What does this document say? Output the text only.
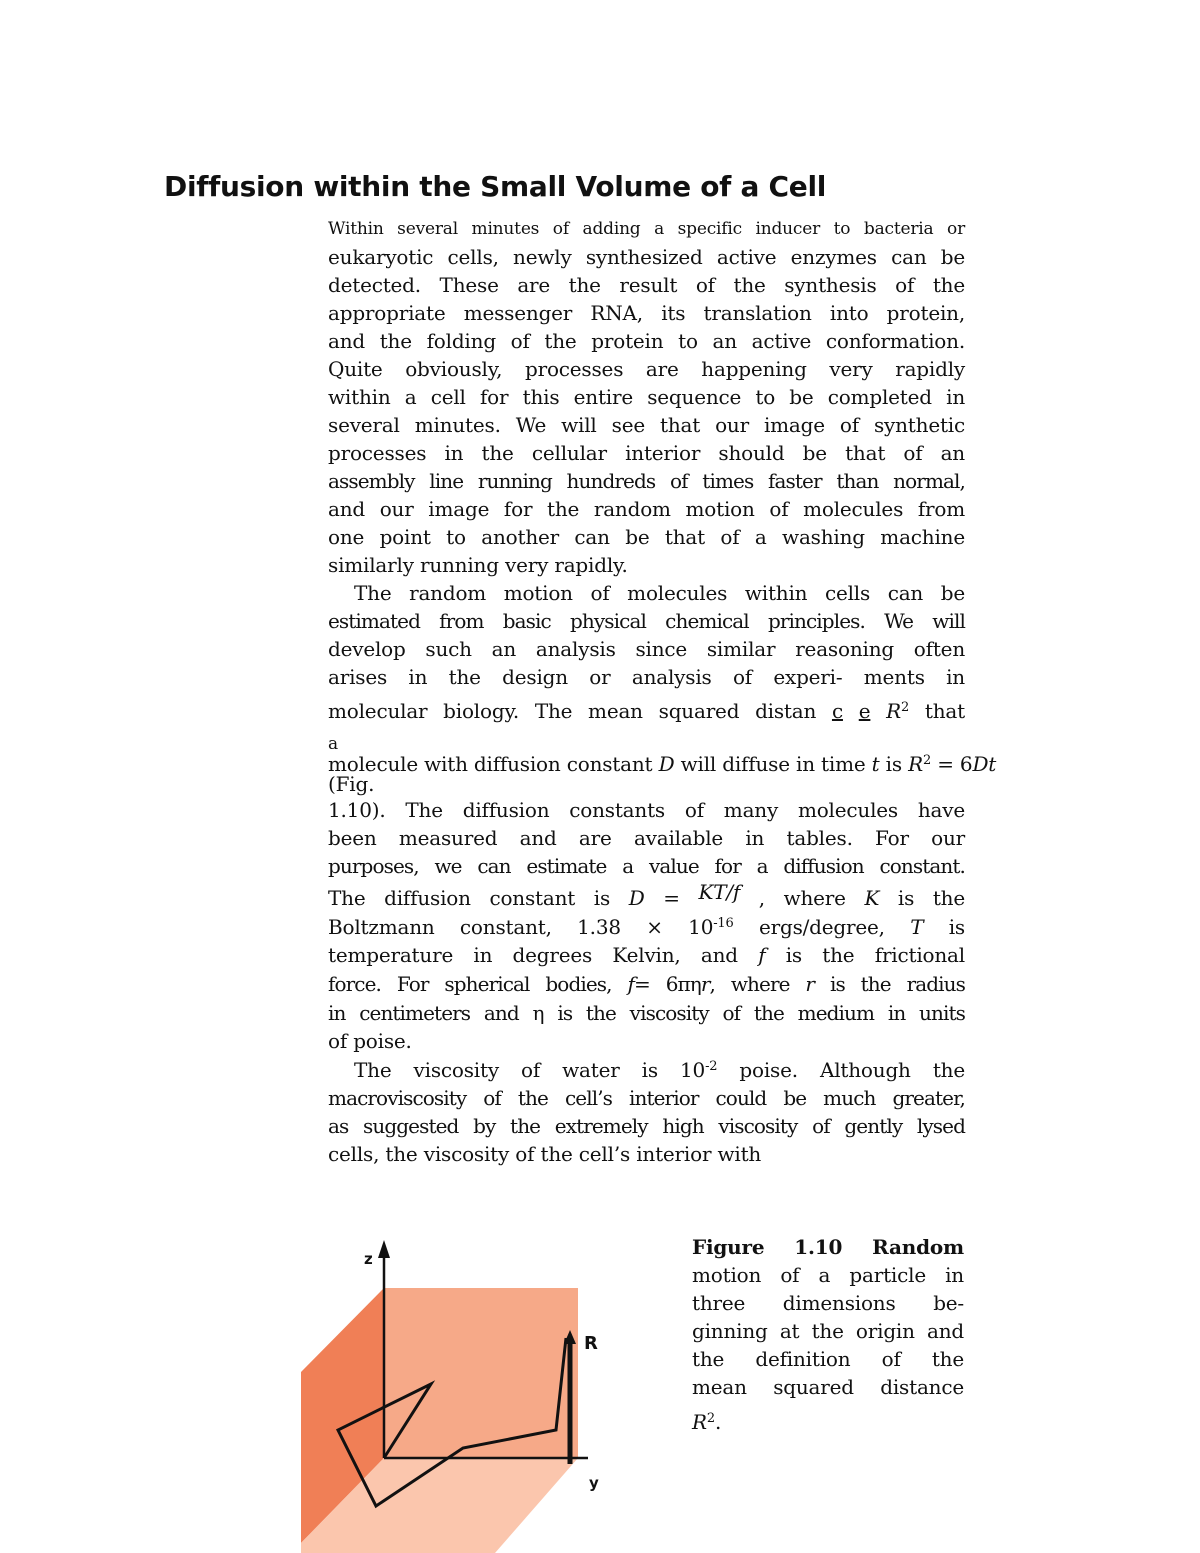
Diffusion within the Small Volume of a Cell
Within several minutes of adding a specific inducer to bacteria or
eukaryotic cells, newly synthesized active enzymes can be
detected. These are the result of the synthesis of the
appropriate messenger RNA, its translation into protein,
and the folding of the protein to an active conformation.
Quite obviously, processes are happening very rapidly
within a cell for this entire sequence to be completed in
several minutes. We will see that our image of synthetic
processes in the cellular interior should be that of an
assembly line running hundreds of times faster than normal,
and our image for the random motion of molecules from
one point to another can be that of a washing machine
similarly running very rapidly.
The random motion of molecules within cells can be
estimated from basic physical chemical principles. We will
develop such an analysis since similar reasoning often
arises in the design or analysis of experi- ments in
molecular biology. The mean squared distan c e $R^2$ that
a
molecule with diffusion constant D will diffuse in time t is $R^2 = 6Dt$
(Fig.
1.10). The diffusion constants of many molecules have
been measured and are available in tables. For our
purposes, we can estimate a value for a diffusion constant.
The diffusion constant is D = KT/f , where K is the
Boltzmann constant, $1.38 \times 10^{-16}$ ergs/degree, T is
temperature in degrees Kelvin, and f is the frictional
force. For spherical bodies, f= 6πηr, where r is the radius
in centimeters and η is the viscosity of the medium in units
of poise.
The viscosity of water is $10^{-2}$ poise. Although the
macroviscosity of the cell’s interior could be much greater,
as suggested by the extremely high viscosity of gently lysed
cells, the viscosity of the cell’s interior with
z
y
R
Figure 1.10 Random
motion of a particle in
three dimensions be-
ginning at the origin and
the definition of the
mean squared distance
$R^2$.
